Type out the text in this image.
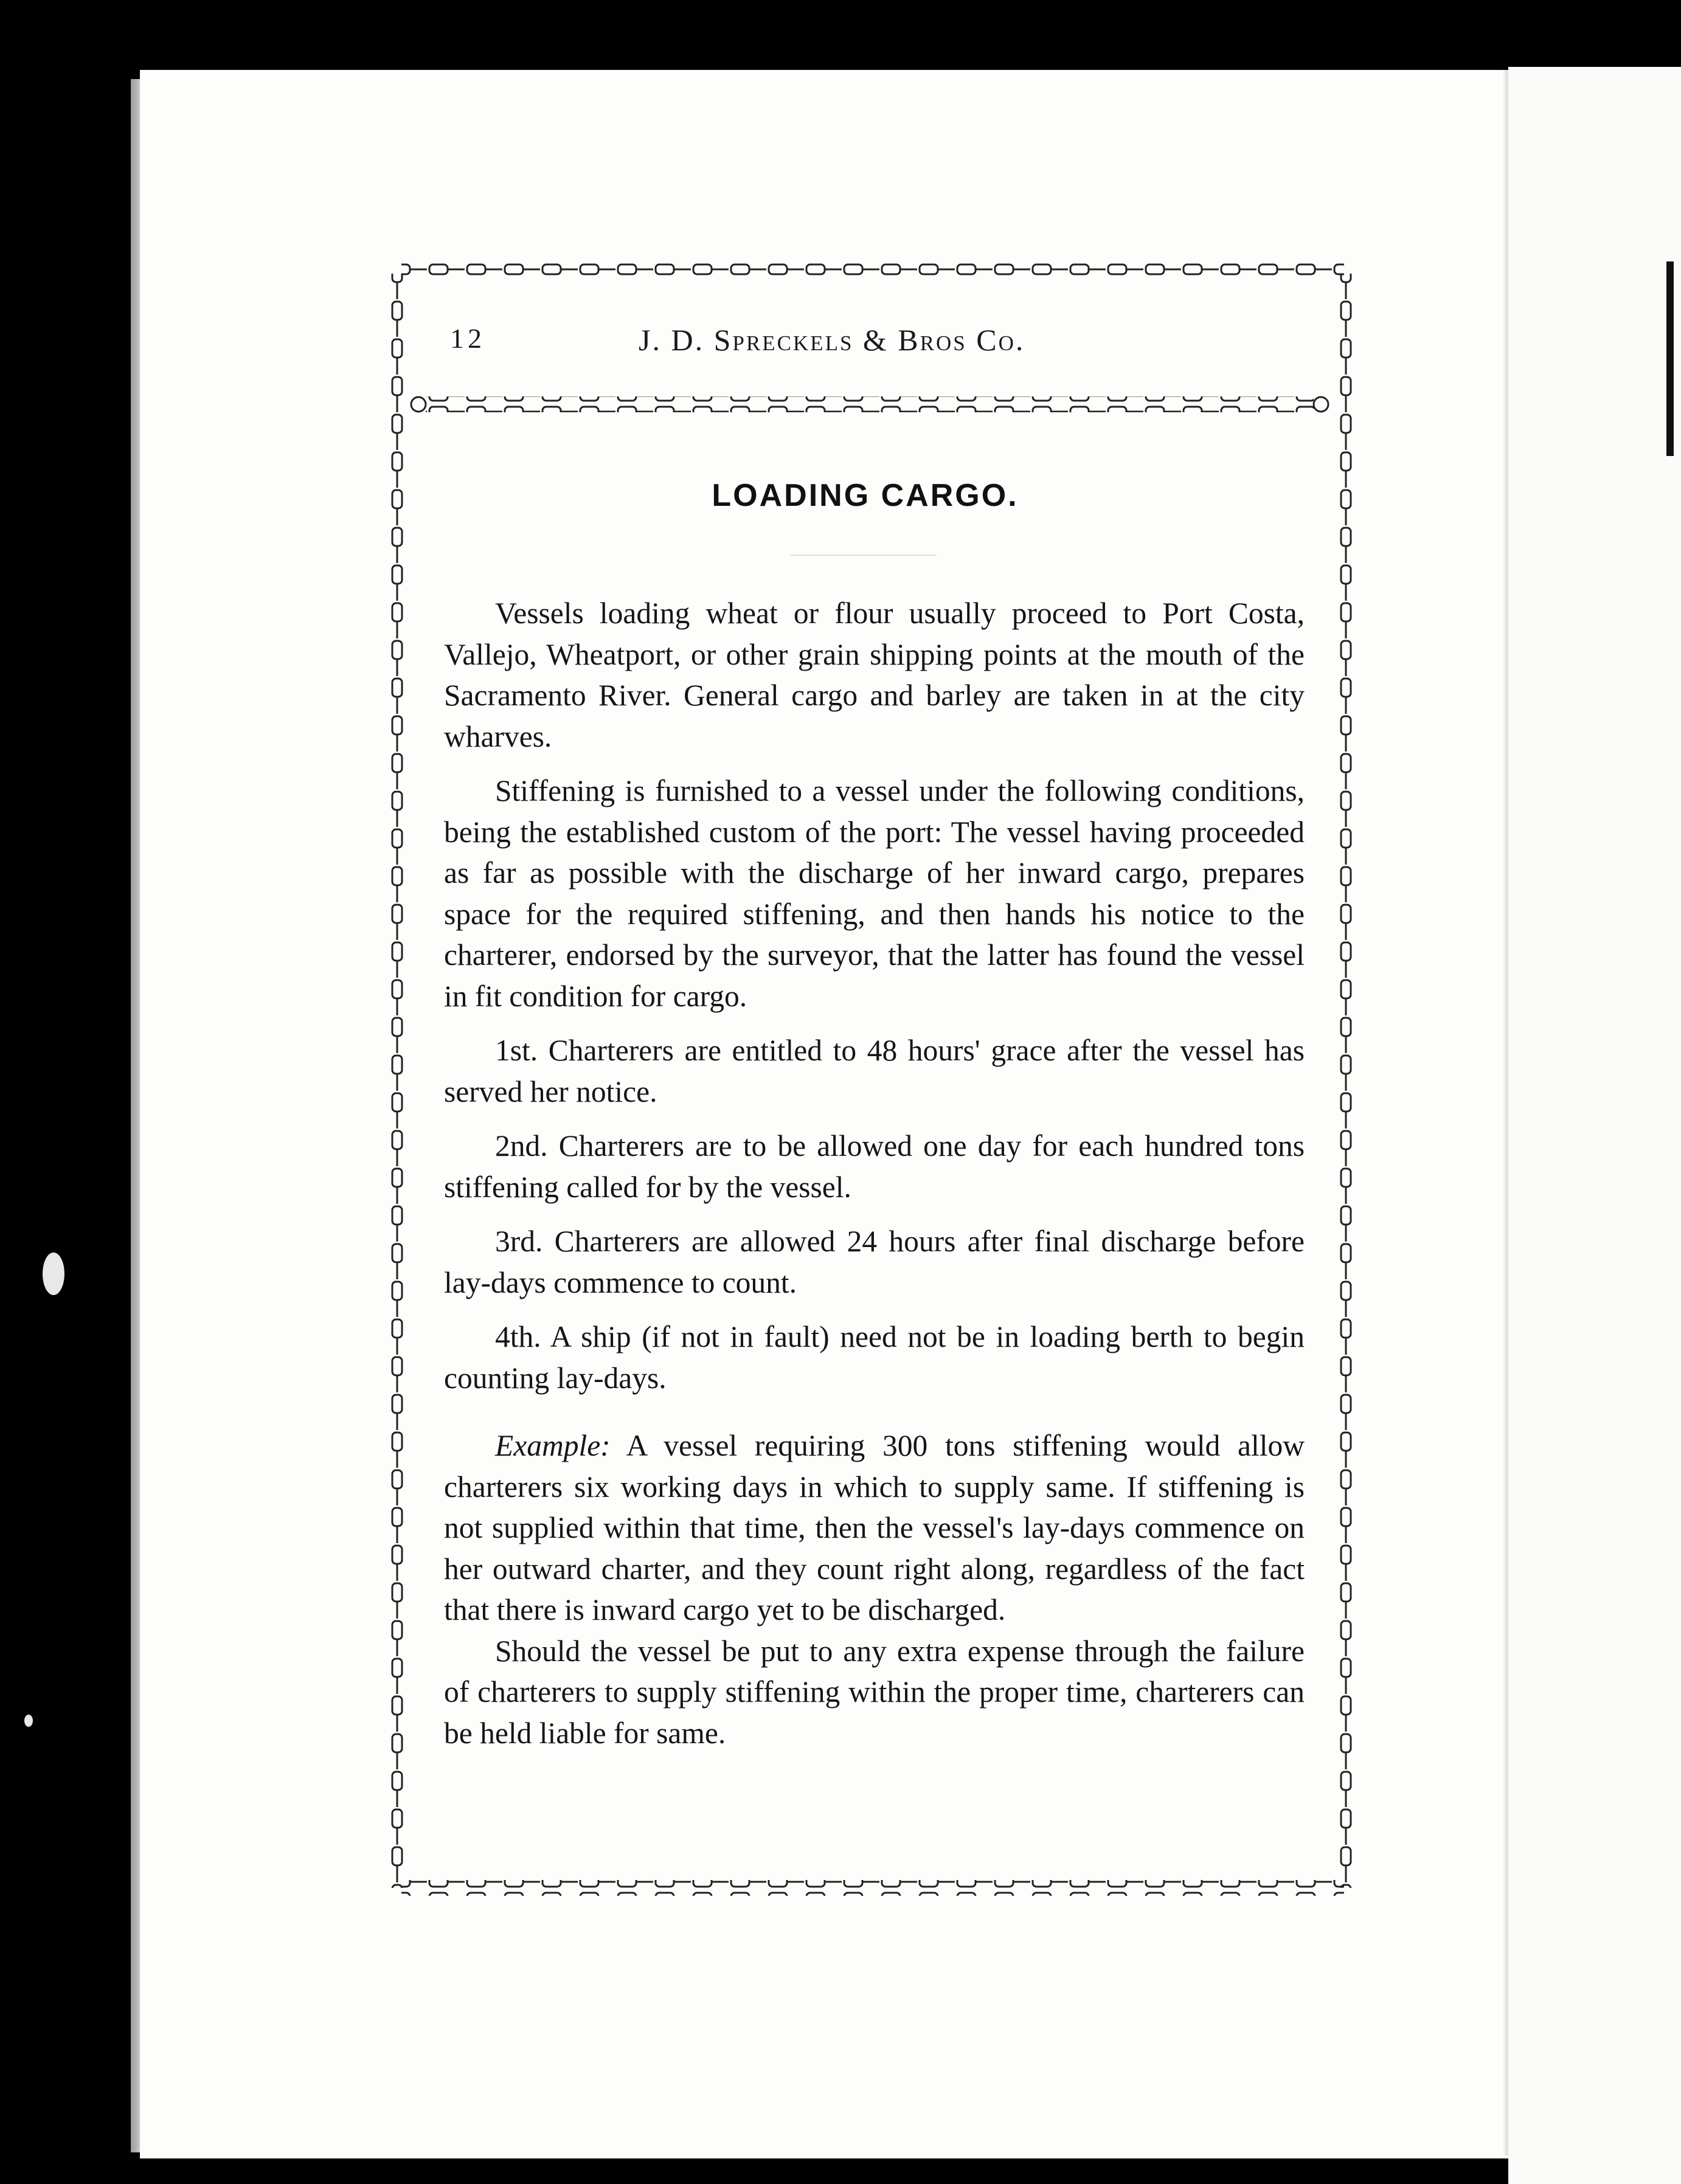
12	J. D. Spreckels & Bros Co.
LOADING CARGO.

Vessels loading wheat or flour usually proceed to Port Costa, Vallejo, Wheatport, or other grain shipping points at the mouth of the Sacramento River. General cargo and barley are taken in at the city wharves.

Stiffening is furnished to a vessel under the following conditions, being the established custom of the port: The vessel having proceeded as far as possible with the discharge of her inward cargo, prepares space for the required stiffening, and then hands his notice to the charterer, endorsed by the surveyor, that the latter has found the vessel in fit condition for cargo.

1st. Charterers are entitled to 48 hours' grace after the vessel has served her notice.

2nd. Charterers are to be allowed one day for each hundred tons stiffening called for by the vessel.

3rd. Charterers are allowed 24 hours after final discharge before lay-days commence to count.

4th. A ship (if not in fault) need not be in loading berth to begin counting lay-days.

Example: A vessel requiring 300 tons stiffening would allow charterers six working days in which to supply same. If stiffening is not supplied within that time, then the vessel's lay-days commence on her outward charter, and they count right along, regardless of the fact that there is inward cargo yet to be discharged.

Should the vessel be put to any extra expense through the failure of charterers to supply stiffening within the proper time, charterers can be held liable for same.
